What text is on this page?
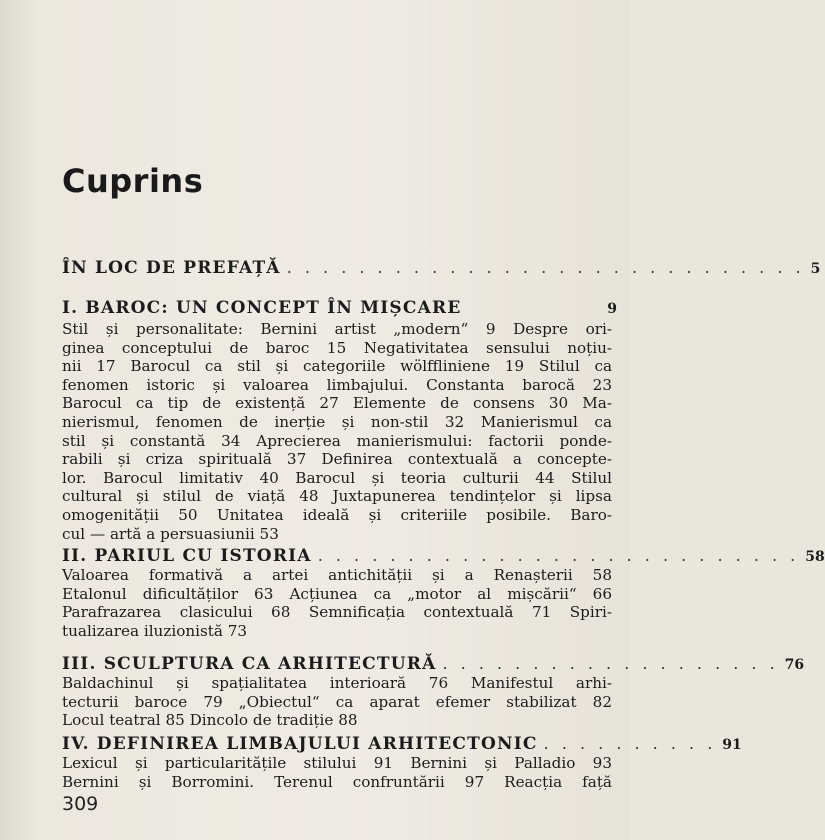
Cuprins
ÎN LOC DE PREFAȚĂ . . . . . . . . . . . . . . . . . . . . . . . . . . . . . 5
I. BAROC: UN CONCEPT ÎN MIȘCARE	9
Stil și personalitate: Bernini artist „modern“ 9 Despre ori-
ginea conceptului de baroc 15 Negativitatea sensului noțiu-
nii 17 Barocul ca stil și categoriile wölffliniene 19 Stilul ca
fenomen istoric și valoarea limbajului. Constanta barocă 23
Barocul ca tip de existență 27 Elemente de consens 30 Ma-
nierismul, fenomen de inerție și non-stil 32 Manierismul ca
stil și constantă 34 Aprecierea manierismului: factorii ponde-
rabili și criza spirituală 37 Definirea contextuală a concepte-
lor. Barocul limitativ 40 Barocul și teoria culturii 44 Stilul
cultural și stilul de viață 48 Juxtapunerea tendințelor și lipsa
omogenității 50 Unitatea ideală și criteriile posibile. Baro-
cul — artă a persuasiunii 53
II. PARIUL CU ISTORIA . . . . . . . . . . . . . . . . . . . . . . . . . . . 58
Valoarea formativă a artei antichității și a Renașterii 58
Etalonul dificultăților 63 Acțiunea ca „motor al mișcării“ 66
Parafrazarea clasicului 68 Semnificația contextuală 71 Spiri-
tualizarea iluzionistă 73
III. SCULPTURA CA ARHITECTURĂ . . . . . . . . . . . . . . . . . . . 76
Baldachinul și spațialitatea interioară 76 Manifestul arhi-
tecturii baroce 79 „Obiectul“ ca aparat efemer stabilizat 82
Locul teatral 85 Dincolo de tradiție 88
IV. DEFINIREA LIMBAJULUI ARHITECTONIC . . . . . . . . . . 91
Lexicul și particularitățile stilului 91 Bernini și Palladio 93
Bernini și Borromini. Terenul confruntării 97 Reacția față
309
